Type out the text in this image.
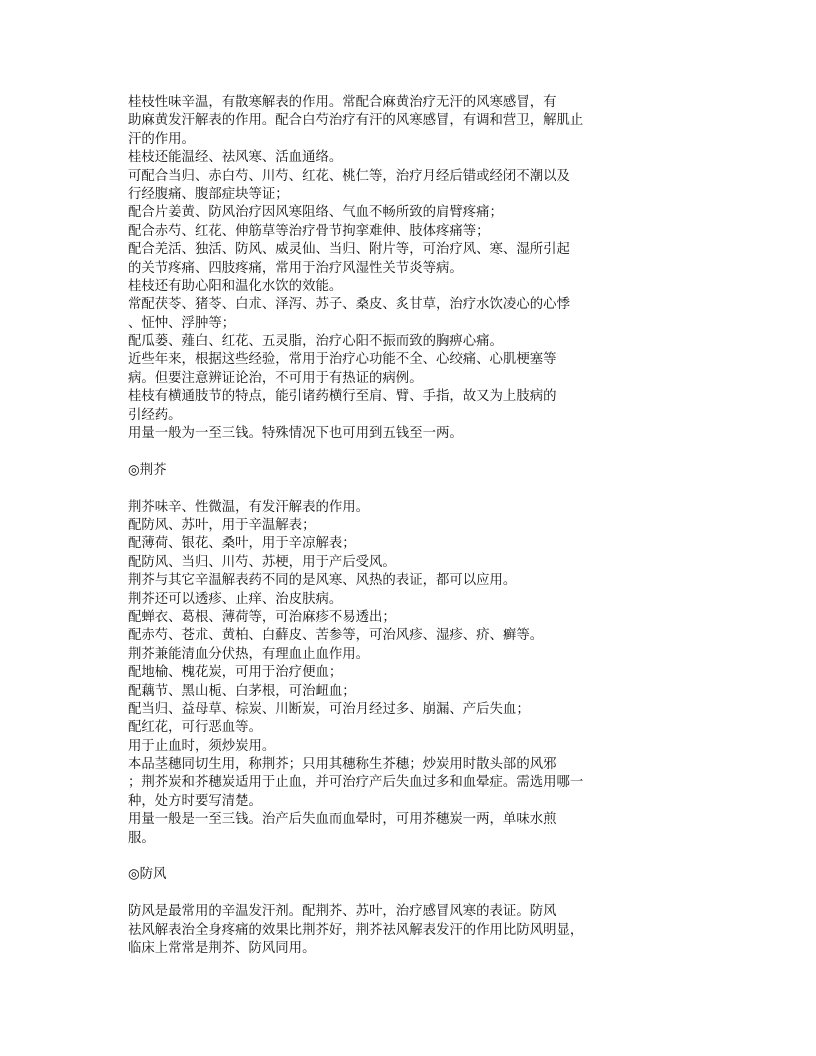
桂枝性味辛温，有散寒解表的作用。常配合麻黄治疗无汗的风寒感冒，有
助麻黄发汗解表的作用。配合白芍治疗有汗的风寒感冒，有调和营卫，解肌止
汗的作用。
桂枝还能温经、祛风寒、活血通络。
可配合当归、赤白芍、川芍、红花、桃仁等，治疗月经后错或经闭不潮以及
行经腹痛、腹部症块等证；
配合片姜黄、防风治疗因风寒阻络、气血不畅所致的肩臂疼痛；
配合赤芍、红花、伸筋草等治疗骨节拘挛难伸、肢体疼痛等；
配合羌活、独活、防风、威灵仙、当归、附片等，可治疗风、寒、湿所引起
的关节疼痛、四肢疼痛，常用于治疗风湿性关节炎等病。
桂枝还有助心阳和温化水饮的效能。
常配茯苓、猪苓、白朮、泽泻、苏子、桑皮、炙甘草，治疗水饮凌心的心悸
、怔忡、浮肿等；
配瓜蒌、薤白、红花、五灵脂，治疗心阳不振而致的胸痹心痛。
近些年来，根据这些经验，常用于治疗心功能不全、心绞痛、心肌梗塞等
病。但要注意辨证论治，不可用于有热证的病例。
桂枝有横通肢节的特点，能引诸药横行至肩、臂、手指，故又为上肢病的
引经药。
用量一般为一至三钱。特殊情况下也可用到五钱至一两。
◎荆芥
荆芥味辛、性微温，有发汗解表的作用。
配防风、苏叶，用于辛温解表；
配薄荷、银花、桑叶，用于辛凉解表；
配防风、当归、川芍、苏梗，用于产后受风。
荆芥与其它辛温解表药不同的是风寒、风热的表证，都可以应用。
荆芥还可以透疹、止痒、治皮肤病。
配蝉衣、葛根、薄荷等，可治麻疹不易透出；
配赤芍、苍朮、黄柏、白蘚皮、苦参等，可治风疹、湿疹、疥、癣等。
荆芥兼能清血分伏热，有理血止血作用。
配地榆、槐花炭，可用于治疗便血；
配藕节、黑山栀、白茅根，可治衄血；
配当归、益母草、棕炭、川断炭，可治月经过多、崩漏、产后失血；
配红花，可行恶血等。
用于止血时，须炒炭用。
本品茎穗同切生用，称荆芥；只用其穗称生芥穗；炒炭用时散头部的风邪
；荆芥炭和芥穗炭适用于止血，并可治疗产后失血过多和血晕症。需选用哪一
种，处方时要写清楚。
用量一般是一至三钱。治产后失血而血晕时，可用芥穗炭一两，单味水煎
服。
◎防风
防风是最常用的辛温发汗剂。配荆芥、苏叶，治疗感冒风寒的表证。防风
祛风解表治全身疼痛的效果比荆芥好，荆芥祛风解表发汗的作用比防风明显，
临床上常常是荆芥、防风同用。
